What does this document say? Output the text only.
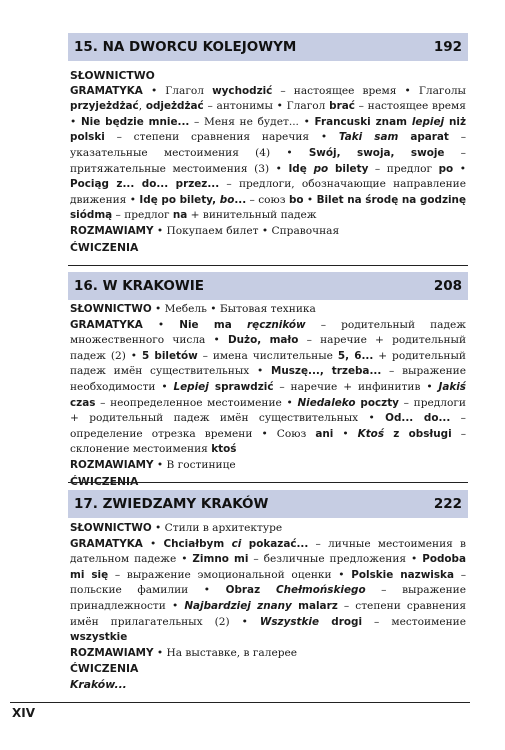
15. NA DWORCU KOLEJOWYM	192

SŁOWNICTWO

GRAMATYKA • Глагол wychodzić – настоящее время • Глаголы przyjeżdżać, odjeżdżać – антонимы • Глагол brać – настоящее время • Nie będzie mnie... – Меня не будет... • Francuski znam lepiej niż polski – степени сравнения наречия • Taki sam aparat – указательные местоимения (4) • Swój, swoja, swoje – притяжательные местоимения (3) • Idę po bilety – предлог po • Pociąg z... do... przez... – предлоги, обозначающие направление движения • Idę po bilety, bo... – союз bo • Bilet na środę na godzinę siódmą – предлог na + винительный падеж

ROZMAWIAMY • Покупаем билет • Справочная

ĆWICZENIA

16. W KRAKOWIE	208

SŁOWNICTWO • Мебель • Бытовая техника

GRAMATYKA • Nie ma ręczników – родительный падеж множественного числа • Dużo, mało – наречие + родительный падеж (2) • 5 biletów – имена числительные 5, 6... + родительный падеж имён существительных • Muszę..., trzeba... – выражение необходимости • Lepiej sprawdzić – наречие + инфинитив • Jakiś czas – неопределенное местоимение • Niedaleko poczty – предлоги + родительный падеж имён существительных • Od... do... – определение отрезка времени • Союз ani • Ktoś z obsługi – склонение местоимения ktoś

ROZMAWIAMY • В гостинице

ĆWICZENIA

17. ZWIEDZAMY KRAKÓW	222

SŁOWNICTWO • Стили в архитектуре

GRAMATYKA • Chciałbym ci pokazać... – личные местоимения в дательном падеже • Zimno mi – безличные предложения • Podoba mi się – выражение эмоциональной оценки • Polskie nazwiska – польские фамилии • Obraz Chełmońskiego – выражение принадлежности • Najbardziej znany malarz – степени сравнения имён прилагательных (2) • Wszystkie drogi – местоимение wszystkie

ROZMAWIAMY • На выставке, в галерее

ĆWICZENIA

Kraków...

XIV
